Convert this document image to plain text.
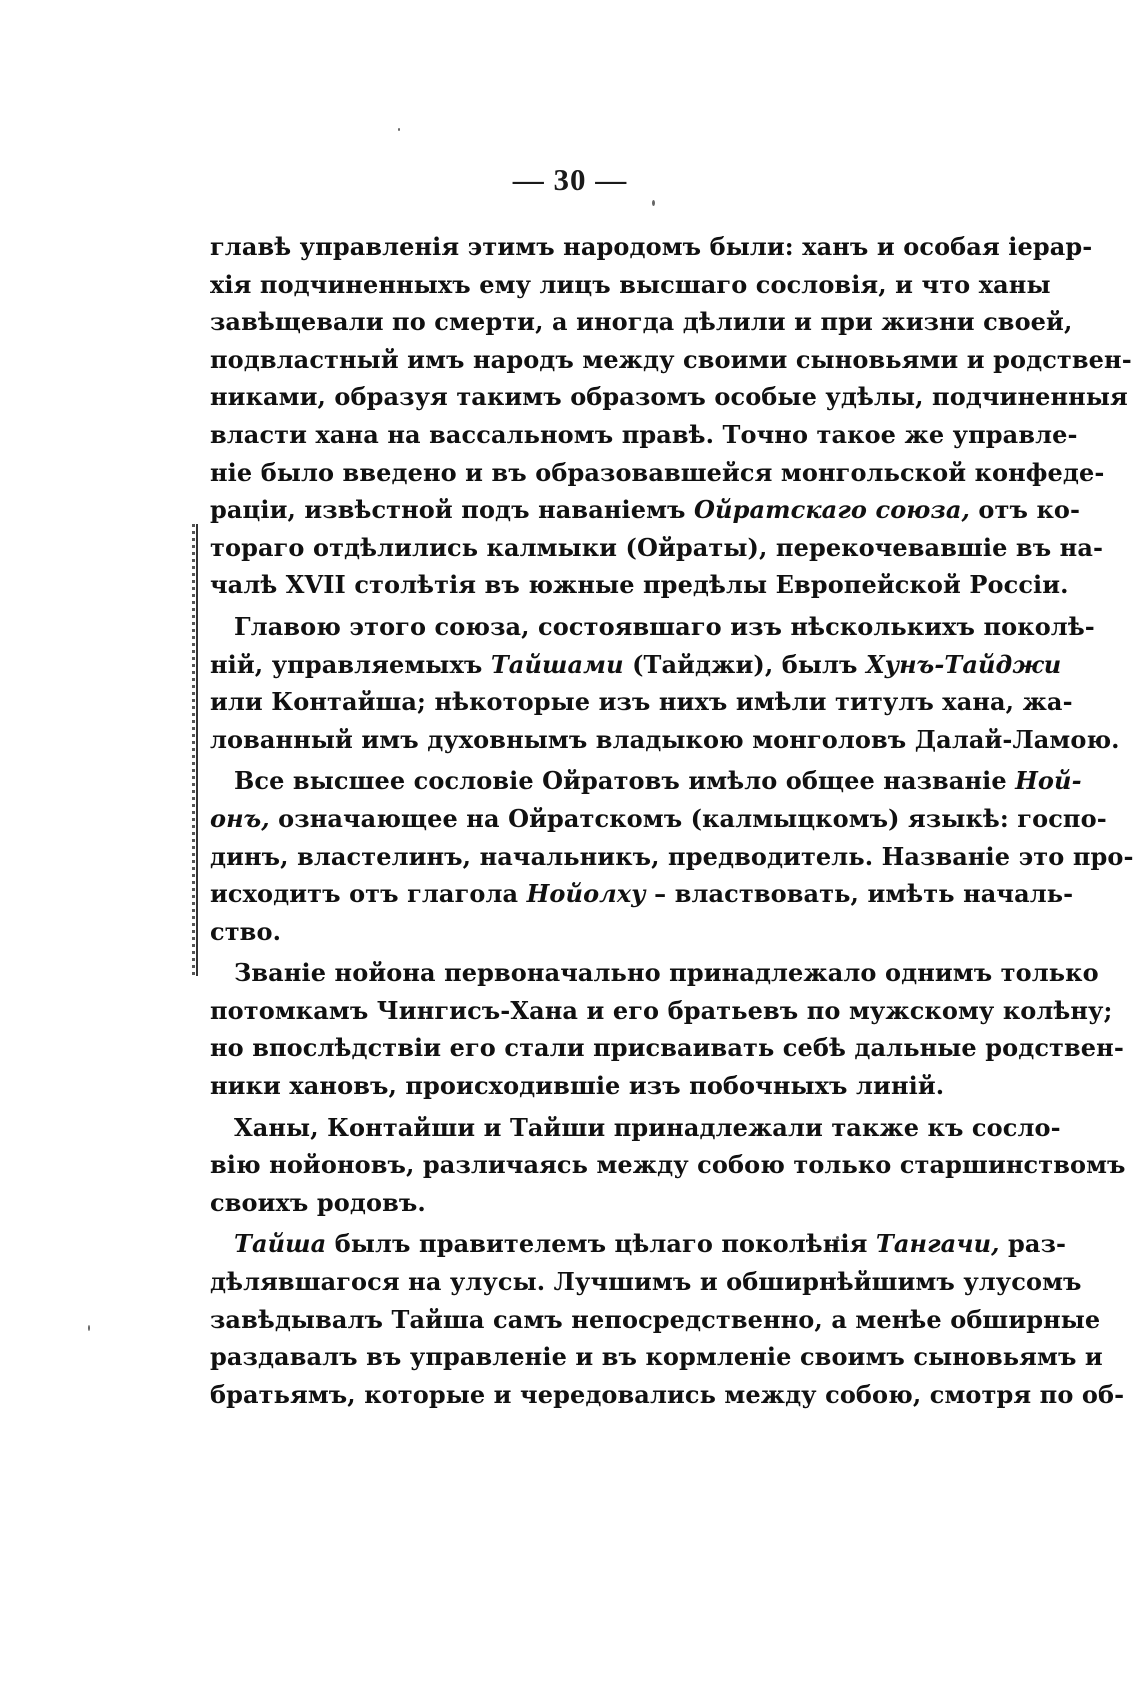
— 30 —
главѣ управленія этимъ народомъ были: ханъ и особая іерар-
хія подчиненныхъ ему лицъ высшаго сословія, и что ханы
завѣщевали по смерти, а иногда дѣлили и при жизни своей,
подвластный имъ народъ между своими сыновьями и родствен-
никами, образуя такимъ образомъ особые удѣлы, подчиненныя
власти хана на вассальномъ правѣ. Точно такое же управле-
ніе было введено и въ образовавшейся монгольской конфеде-
раціи, извѣстной подъ наваніемъ Ойратскаго союза, отъ ко-
тораго отдѣлились калмыки (Ойраты), перекочевавшіе въ на-
чалѣ XVII столѣтія въ южные предѣлы Европейской Россіи.
Главою этого союза, состоявшаго изъ нѣсколькихъ поколѣ-
ній, управляемыхъ Тайшами (Тайджи), былъ Хунъ-Тайджи
или Контайша; нѣкоторые изъ нихъ имѣли титулъ хана, жа-
лованный имъ духовнымъ владыкою монголовъ Далай-Ламою.
Все высшее сословіе Ойратовъ имѣло общее названіе Ной-
онъ, означающее на Ойратскомъ (калмыцкомъ) языкѣ: госпо-
динъ, властелинъ, начальникъ, предводитель. Названіе это про-
исходитъ отъ глагола Нойолху – властвовать, имѣть началь-
ство.
Званіе нойона первоначально принадлежало однимъ только
потомкамъ Чингисъ-Хана и его братьевъ по мужскому колѣну;
но впослѣдствіи его стали присваивать себѣ дальные родствен-
ники хановъ, происходившіе изъ побочныхъ линій.
Ханы, Контайши и Тайши принадлежали также къ сосло-
вію нойоновъ, различаясь между собою только старшинствомъ
своихъ родовъ.
Тайша былъ правителемъ цѣлаго поколѣнія Тангачи, раз-
дѣлявшагося на улусы. Лучшимъ и обширнѣйшимъ улусомъ
завѣдывалъ Тайша самъ непосредственно, а менѣе обширные
раздавалъ въ управленіе и въ кормленіе своимъ сыновьямъ и
братьямъ, которые и чередовались между собою, смотря по об-
